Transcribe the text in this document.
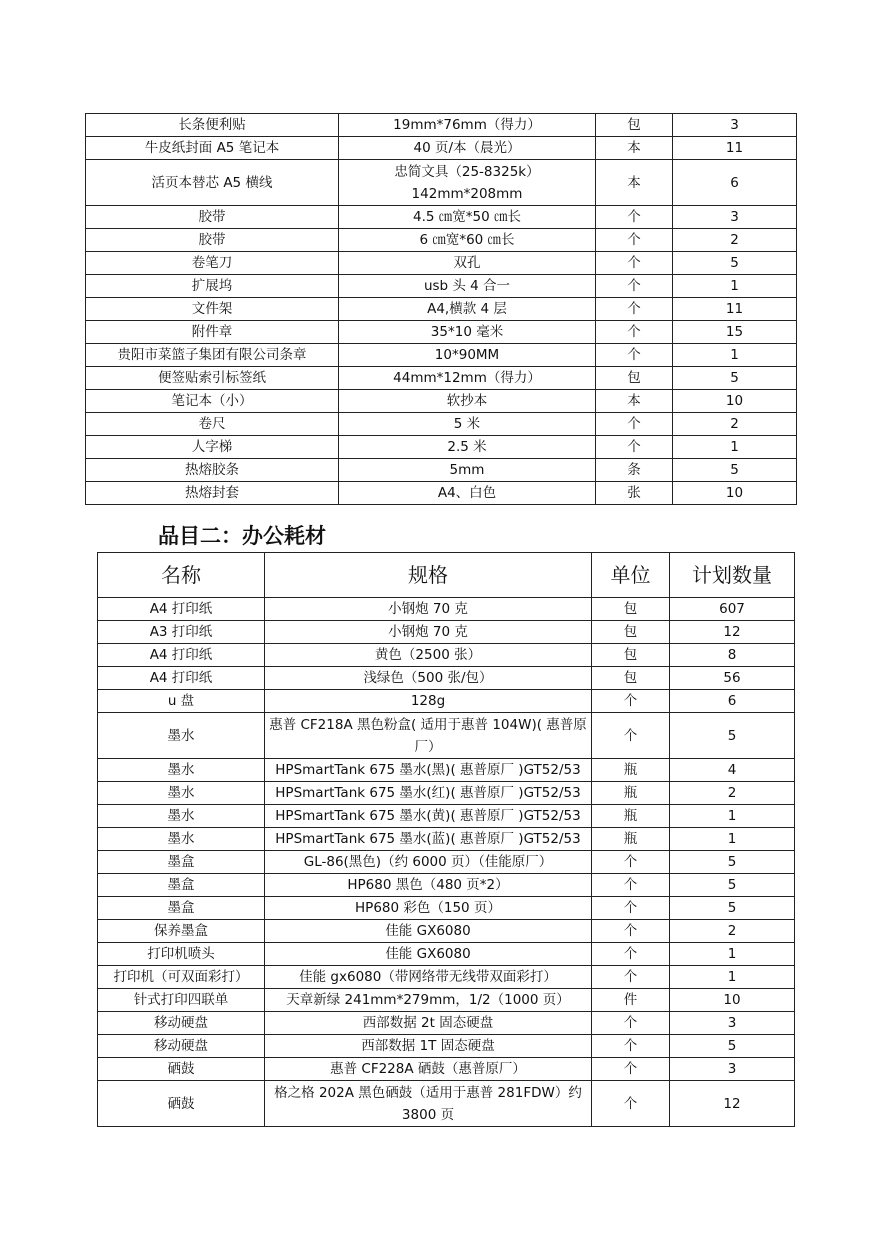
长条便利贴	19mm*76mm（得力）	包	3
牛皮纸封面 A5 笔记本	40 页/本（晨光）	本	11
活页本替芯 A5 横线	忠简文具（25-8325k）142mm*208mm	本	6
胶带	4.5 ㎝宽*50 ㎝长	个	3
胶带	6 ㎝宽*60 ㎝长	个	2
卷笔刀	双孔	个	5
扩展坞	usb 头 4 合一	个	1
文件架	A4,横款 4 层	个	11
附件章	35*10 毫米	个	15
贵阳市菜篮子集团有限公司条章	10*90MM	个	1
便签贴索引标签纸	44mm*12mm（得力）	包	5
笔记本（小）	软抄本	本	10
卷尺	5 米	个	2
人字梯	2.5 米	个	1
热熔胶条	5mm	条	5
热熔封套	A4、白色	张	10
品目二：办公耗材
名称	规格	单位	计划数量
A4 打印纸	小钢炮 70 克	包	607
A3 打印纸	小钢炮 70 克	包	12
A4 打印纸	黄色（2500 张）	包	8
A4 打印纸	浅绿色（500 张/包）	包	56
u 盘	128g	个	6
墨水	惠普 CF218A 黑色粉盒( 适用于惠普 104W)( 惠普原厂）	个	5
墨水	HPSmartTank 675 墨水(黑)( 惠普原厂 )GT52/53	瓶	4
墨水	HPSmartTank 675 墨水(红)( 惠普原厂 )GT52/53	瓶	2
墨水	HPSmartTank 675 墨水(黄)( 惠普原厂 )GT52/53	瓶	1
墨水	HPSmartTank 675 墨水(蓝)( 惠普原厂 )GT52/53	瓶	1
墨盒	GL-86(黑色)（约 6000 页）（佳能原厂）	个	5
墨盒	HP680 黑色（480 页*2）	个	5
墨盒	HP680 彩色（150 页）	个	5
保养墨盒	佳能 GX6080	个	2
打印机喷头	佳能 GX6080	个	1
打印机（可双面彩打）	佳能 gx6080（带网络带无线带双面彩打）	个	1
针式打印四联单	天章新绿 241mm*279mm，1/2（1000 页）	件	10
移动硬盘	西部数据 2t 固态硬盘	个	3
移动硬盘	西部数据 1T 固态硬盘	个	5
硒鼓	惠普 CF228A 硒鼓（惠普原厂）	个	3
硒鼓	格之格 202A 黑色硒鼓（适用于惠普 281FDW）约 3800 页	个	12
